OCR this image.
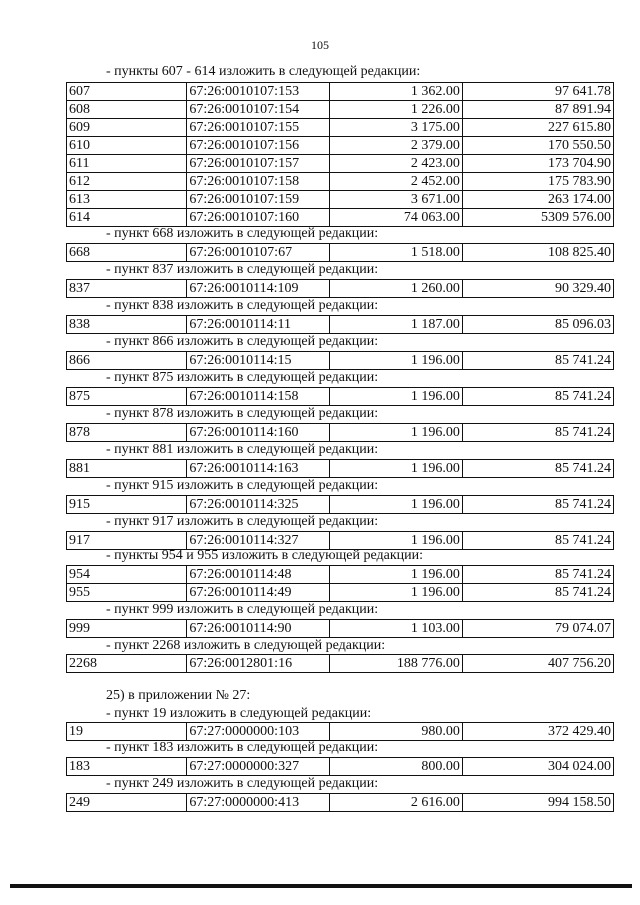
105
- пункты 607 - 614 изложить в следующей редакции:
607	67:26:0010107:153	1 362.00	97 641.78
608	67:26:0010107:154	1 226.00	87 891.94
609	67:26:0010107:155	3 175.00	227 615.80
610	67:26:0010107:156	2 379.00	170 550.50
611	67:26:0010107:157	2 423.00	173 704.90
612	67:26:0010107:158	2 452.00	175 783.90
613	67:26:0010107:159	3 671.00	263 174.00
614	67:26:0010107:160	74 063.00	5309 576.00
- пункт 668 изложить в следующей редакции:
668	67:26:0010107:67	1 518.00	108 825.40
- пункт 837 изложить в следующей редакции:
837	67:26:0010114:109	1 260.00	90 329.40
- пункт 838 изложить в следующей редакции:
838	67:26:0010114:11	1 187.00	85 096.03
- пункт 866 изложить в следующей редакции:
866	67:26:0010114:15	1 196.00	85 741.24
- пункт 875 изложить в следующей редакции:
875	67:26:0010114:158	1 196.00	85 741.24
- пункт 878 изложить в следующей редакции:
878	67:26:0010114:160	1 196.00	85 741.24
- пункт 881 изложить в следующей редакции:
881	67:26:0010114:163	1 196.00	85 741.24
- пункт 915 изложить в следующей редакции:
915	67:26:0010114:325	1 196.00	85 741.24
- пункт 917 изложить в следующей редакции:
917	67:26:0010114:327	1 196.00	85 741.24
- пункты 954 и 955 изложить в следующей редакции:
954	67:26:0010114:48	1 196.00	85 741.24
955	67:26:0010114:49	1 196.00	85 741.24
- пункт 999 изложить в следующей редакции:
999	67:26:0010114:90	1 103.00	79 074.07
- пункт 2268 изложить в следующей редакции:
2268	67:26:0012801:16	188 776.00	407 756.20
25) в приложении № 27:
- пункт 19 изложить в следующей редакции:
19	67:27:0000000:103	980.00	372 429.40
- пункт 183 изложить в следующей редакции:
183	67:27:0000000:327	800.00	304 024.00
- пункт 249 изложить в следующей редакции:
249	67:27:0000000:413	2 616.00	994 158.50
